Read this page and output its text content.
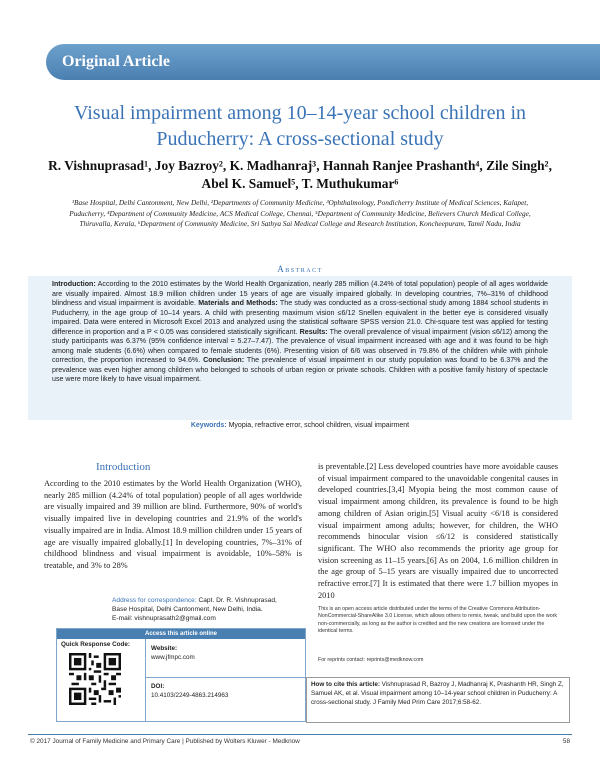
Original Article
Visual impairment among 10–14-year school children in Puducherry: A cross-sectional study
R. Vishnuprasad¹, Joy Bazroy², K. Madhanraj³, Hannah Ranjee Prashanth⁴, Zile Singh², Abel K. Samuel⁵, T. Muthukumar⁶
¹Base Hospital, Delhi Cantonment, New Delhi, ²Departments of Community Medicine, ³Ophthalmology, Pondicherry Institute of Medical Sciences, Kalapet, Puducherry, ⁴Department of Community Medicine, ACS Medical College, Chennai, ⁵Department of Community Medicine, Believers Church Medical College, Thiruvalla, Kerala, ⁶Department of Community Medicine, Sri Sathya Sai Medical College and Research Institution, Koncheepuram, Tamil Nadu, India
Abstract
Introduction: According to the 2010 estimates by the World Health Organization, nearly 285 million (4.24% of total population) people of all ages worldwide are visually impaired. Almost 18.9 million children under 15 years of age are visually impaired globally. In developing countries, 7%–31% of childhood blindness and visual impairment is avoidable. Materials and Methods: The study was conducted as a cross-sectional study among 1884 school students in Puducherry, in the age group of 10–14 years. A child with presenting maximum vision ≤6/12 Snellen equivalent in the better eye is considered visually impaired. Data were entered in Microsoft Excel 2013 and analyzed using the statistical software SPSS version 21.0. Chi-square test was applied for testing difference in proportion and a P < 0.05 was considered statistically significant. Results: The overall prevalence of visual impairment (vision ≤6/12) among the study participants was 6.37% (95% confidence interval = 5.27–7.47). The prevalence of visual impairment increased with age and it was found to be high among male students (6.6%) when compared to female students (6%). Presenting vision of 6/6 was observed in 79.8% of the children while with pinhole correction, the proportion increased to 94.6%. Conclusion: The prevalence of visual impairment in our study population was found to be 6.37% and the prevalence was even higher among children who belonged to schools of urban region or private schools. Children with a positive family history of spectacle use were more likely to have visual impairment.
Keywords: Myopia, refractive error, school children, visual impairment
Introduction
According to the 2010 estimates by the World Health Organization (WHO), nearly 285 million (4.24% of total population) people of all ages worldwide are visually impaired and 39 million are blind. Furthermore, 90% of world's visually impaired live in developing countries and 21.9% of the world's visually impaired are in India. Almost 18.9 million children under 15 years of age are visually impaired globally.[1] In developing countries, 7%–31% of childhood blindness and visual impairment is avoidable, 10%–58% is treatable, and 3% to 28%
is preventable.[2] Less developed countries have more avoidable causes of visual impairment compared to the unavoidable congenital causes in developed countries.[3,4] Myopia being the most common cause of visual impairment among children, its prevalence is found to be high among children of Asian origin.[5] Visual acuity <6/18 is considered visual impairment among adults; however, for children, the WHO recommends binocular vision ≤6/12 is considered statistically significant. The WHO also recommends the priority age group for vision screening as 11–15 years.[6] As on 2004, 1.6 million children in the age group of 5–15 years are visually impaired due to uncorrected refractive error.[7] It is estimated that there were 1.7 billion myopes in 2010
Address for correspondence: Capt. Dr. R. Vishnuprasad,
Base Hospital, Delhi Cantonment, New Delhi, India.
E-mail: vishnuprasath2@gmail.com
Access this article online
Quick Response Code:
Website:
www.jfmpc.com
DOI:
10.4103/2249-4863.214963
This is an open access article distributed under the terms of the Creative Commons Attribution-NonCommercial-ShareAlike 3.0 License, which allows others to remix, tweak, and build upon the work non-commercially, as long as the author is credited and the new creations are licensed under the identical terms.
For reprints contact: reprints@medknow.com
How to cite this article: Vishnuprasad R, Bazroy J, Madhanraj K, Prashanth HR, Singh Z, Samuel AK, et al. Visual impairment among 10–14-year school children in Puducherry: A cross-sectional study. J Family Med Prim Care 2017;6:58-62.
© 2017 Journal of Family Medicine and Primary Care | Published by Wolters Kluwer - Medknow	58
